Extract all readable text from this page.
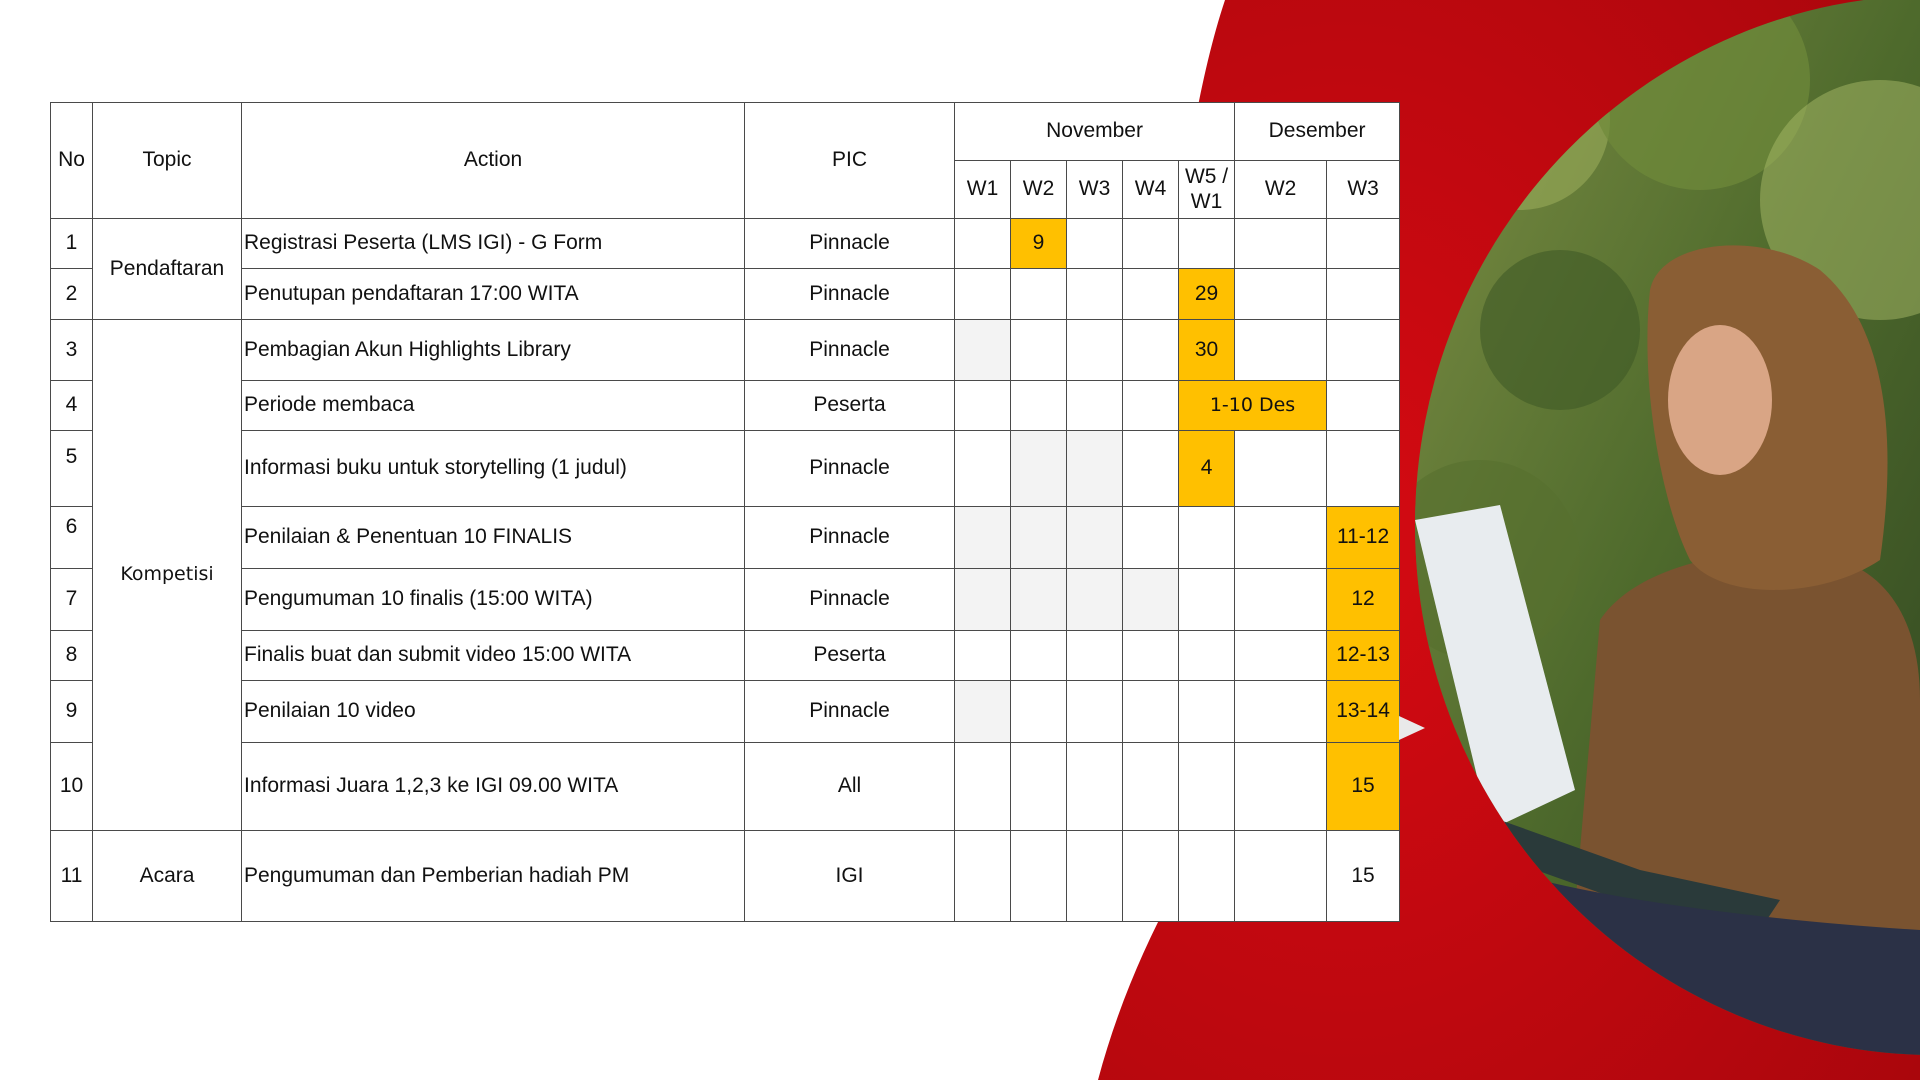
No	Topic	Action	PIC	November					Desember	
				W1	W2	W3	W4	W5 / W1	W2	W3
1	Pendaftaran	Registrasi Peserta (LMS IGI) - G Form	Pinnacle		9					
2		Penutupan pendaftaran 17:00 WITA	Pinnacle					29		
3	Kompetisi	Pembagian Akun Highlights Library	Pinnacle					30		
4		Periode membaca	Peserta					1-10 Des		
5		Informasi buku untuk storytelling (1 judul)	Pinnacle					4		
6		Penilaian & Penentuan 10 FINALIS	Pinnacle							11-12
7		Pengumuman 10 finalis (15:00 WITA)	Pinnacle							12
8		Finalis buat dan submit video 15:00 WITA	Peserta							12-13
9		Penilaian 10 video	Pinnacle							13-14
10		Informasi Juara 1,2,3 ke IGI 09.00 WITA	All							15
11	Acara	Pengumuman dan Pemberian hadiah PM	IGI							15
